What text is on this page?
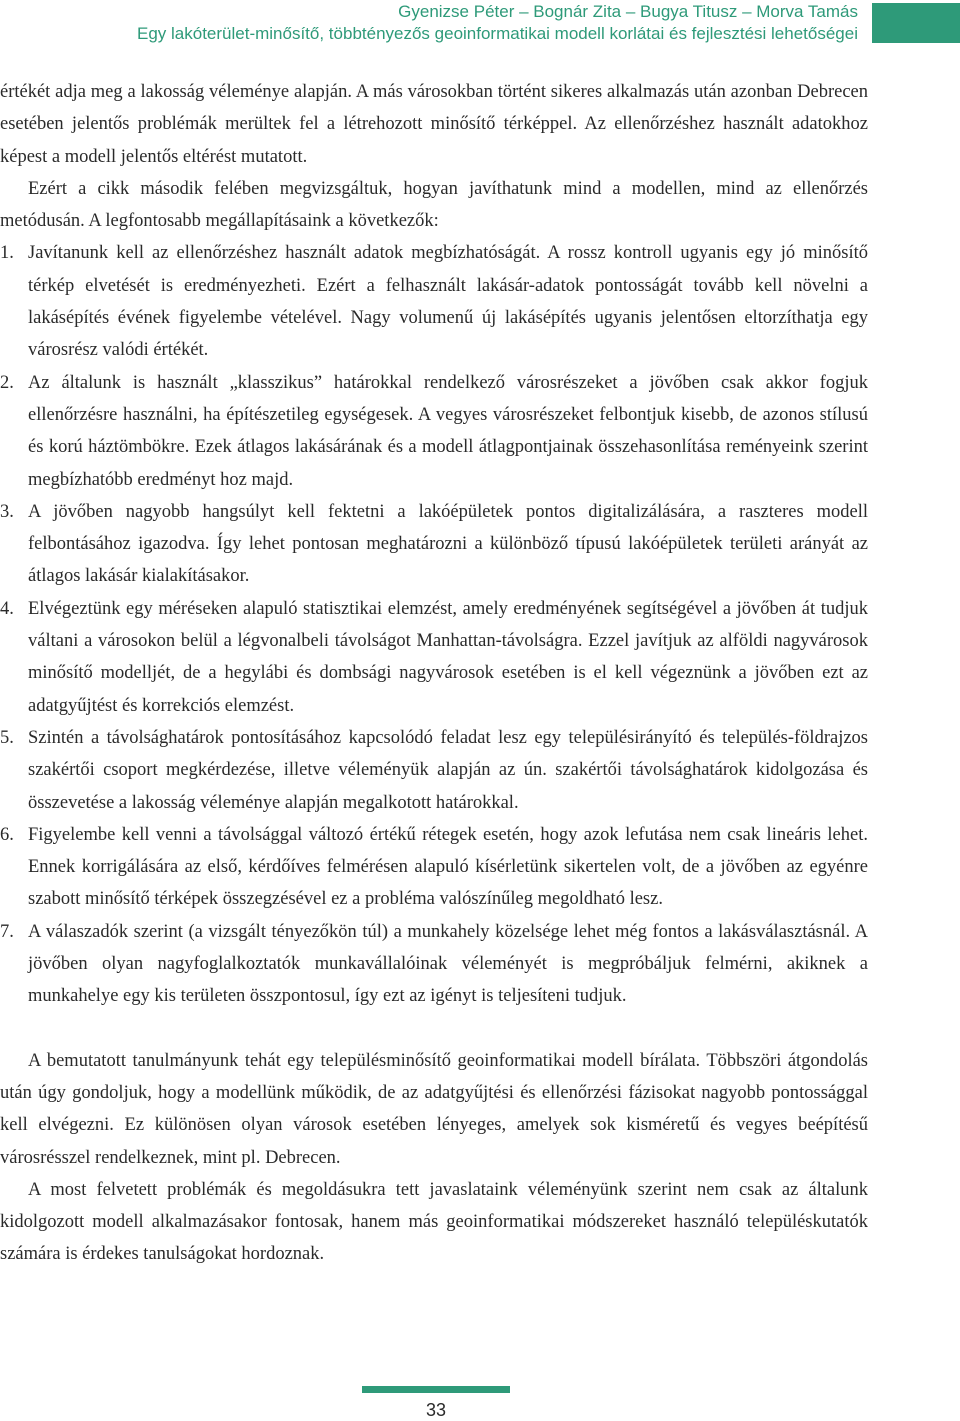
Gyenizse Péter – Bognár Zita – Bugya Titusz – Morva Tamás
Egy lakóterület-minősítő, többtényezős geoinformatikai modell korlátai és fejlesztési lehetőségei

értékét adja meg a lakosság véleménye alapján. A más városokban történt sikeres alkalmazás után azonban Debrecen esetében jelentős problémák merültek fel a létrehozott minősítő térképpel. Az ellenőrzéshez használt adatokhoz képest a modell jelentős eltérést mutatott.

Ezért a cikk második felében megvizsgáltuk, hogyan javíthatunk mind a modellen, mind az ellenőrzés metódusán. A legfontosabb megállapításaink a következők:

1. Javítanunk kell az ellenőrzéshez használt adatok megbízhatóságát. A rossz kontroll ugyanis egy jó minősítő térkép elvetését is eredményezheti. Ezért a felhasznált lakásár-adatok pontosságát tovább kell növelni a lakásépítés évének figyelembe vételével. Nagy volumenű új lakásépítés ugyanis jelentősen eltorzíthatja egy városrész valódi értékét.
2. Az általunk is használt „klasszikus” határokkal rendelkező városrészeket a jövőben csak akkor fogjuk ellenőrzésre használni, ha építészetileg egységesek. A vegyes városrészeket felbontjuk kisebb, de azonos stílusú és korú háztömbökre. Ezek átlagos lakásárának és a modell átlagpontjainak összehasonlítása reményeink szerint megbízhatóbb eredményt hoz majd.
3. A jövőben nagyobb hangsúlyt kell fektetni a lakóépületek pontos digitalizálására, a raszteres modell felbontásához igazodva. Így lehet pontosan meghatározni a különböző típusú lakóépületek területi arányát az átlagos lakásár kialakításakor.
4. Elvégeztünk egy méréseken alapuló statisztikai elemzést, amely eredményének segítségével a jövőben át tudjuk váltani a városokon belül a légvonalbeli távolságot Manhattan-távolságra. Ezzel javítjuk az alföldi nagyvárosok minősítő modelljét, de a hegylábi és dombsági nagyvárosok esetében is el kell végeznünk a jövőben ezt az adatgyűjtést és korrekciós elemzést.
5. Szintén a távolsághatárok pontosításához kapcsolódó feladat lesz egy településirányító és település-földrajzos szakértői csoport megkérdezése, illetve véleményük alapján az ún. szakértői távolsághatárok kidolgozása és összevetése a lakosság véleménye alapján megalkotott határokkal.
6. Figyelembe kell venni a távolsággal változó értékű rétegek esetén, hogy azok lefutása nem csak lineáris lehet. Ennek korrigálására az első, kérdőíves felmérésen alapuló kísérletünk sikertelen volt, de a jövőben az egyénre szabott minősítő térképek összegzésével ez a probléma valószínűleg megoldható lesz.
7. A válaszadók szerint (a vizsgált tényezőkön túl) a munkahely közelsége lehet még fontos a lakásválasztásnál. A jövőben olyan nagyfoglalkoztatók munkavállalóinak véleményét is megpróbáljuk felmérni, akiknek a munkahelye egy kis területen összpontosul, így ezt az igényt is teljesíteni tudjuk.

A bemutatott tanulmányunk tehát egy településminősítő geoinformatikai modell bírálata. Többszöri átgondolás után úgy gondoljuk, hogy a modellünk működik, de az adatgyűjtési és ellenőrzési fázisokat nagyobb pontossággal kell elvégezni. Ez különösen olyan városok esetében lényeges, amelyek sok kisméretű és vegyes beépítésű városrésszel rendelkeznek, mint pl. Debrecen.

A most felvetett problémák és megoldásukra tett javaslataink véleményünk szerint nem csak az általunk kidolgozott modell alkalmazásakor fontosak, hanem más geoinformatikai módszereket használó településkutatók számára is érdekes tanulságokat hordoznak.

33
